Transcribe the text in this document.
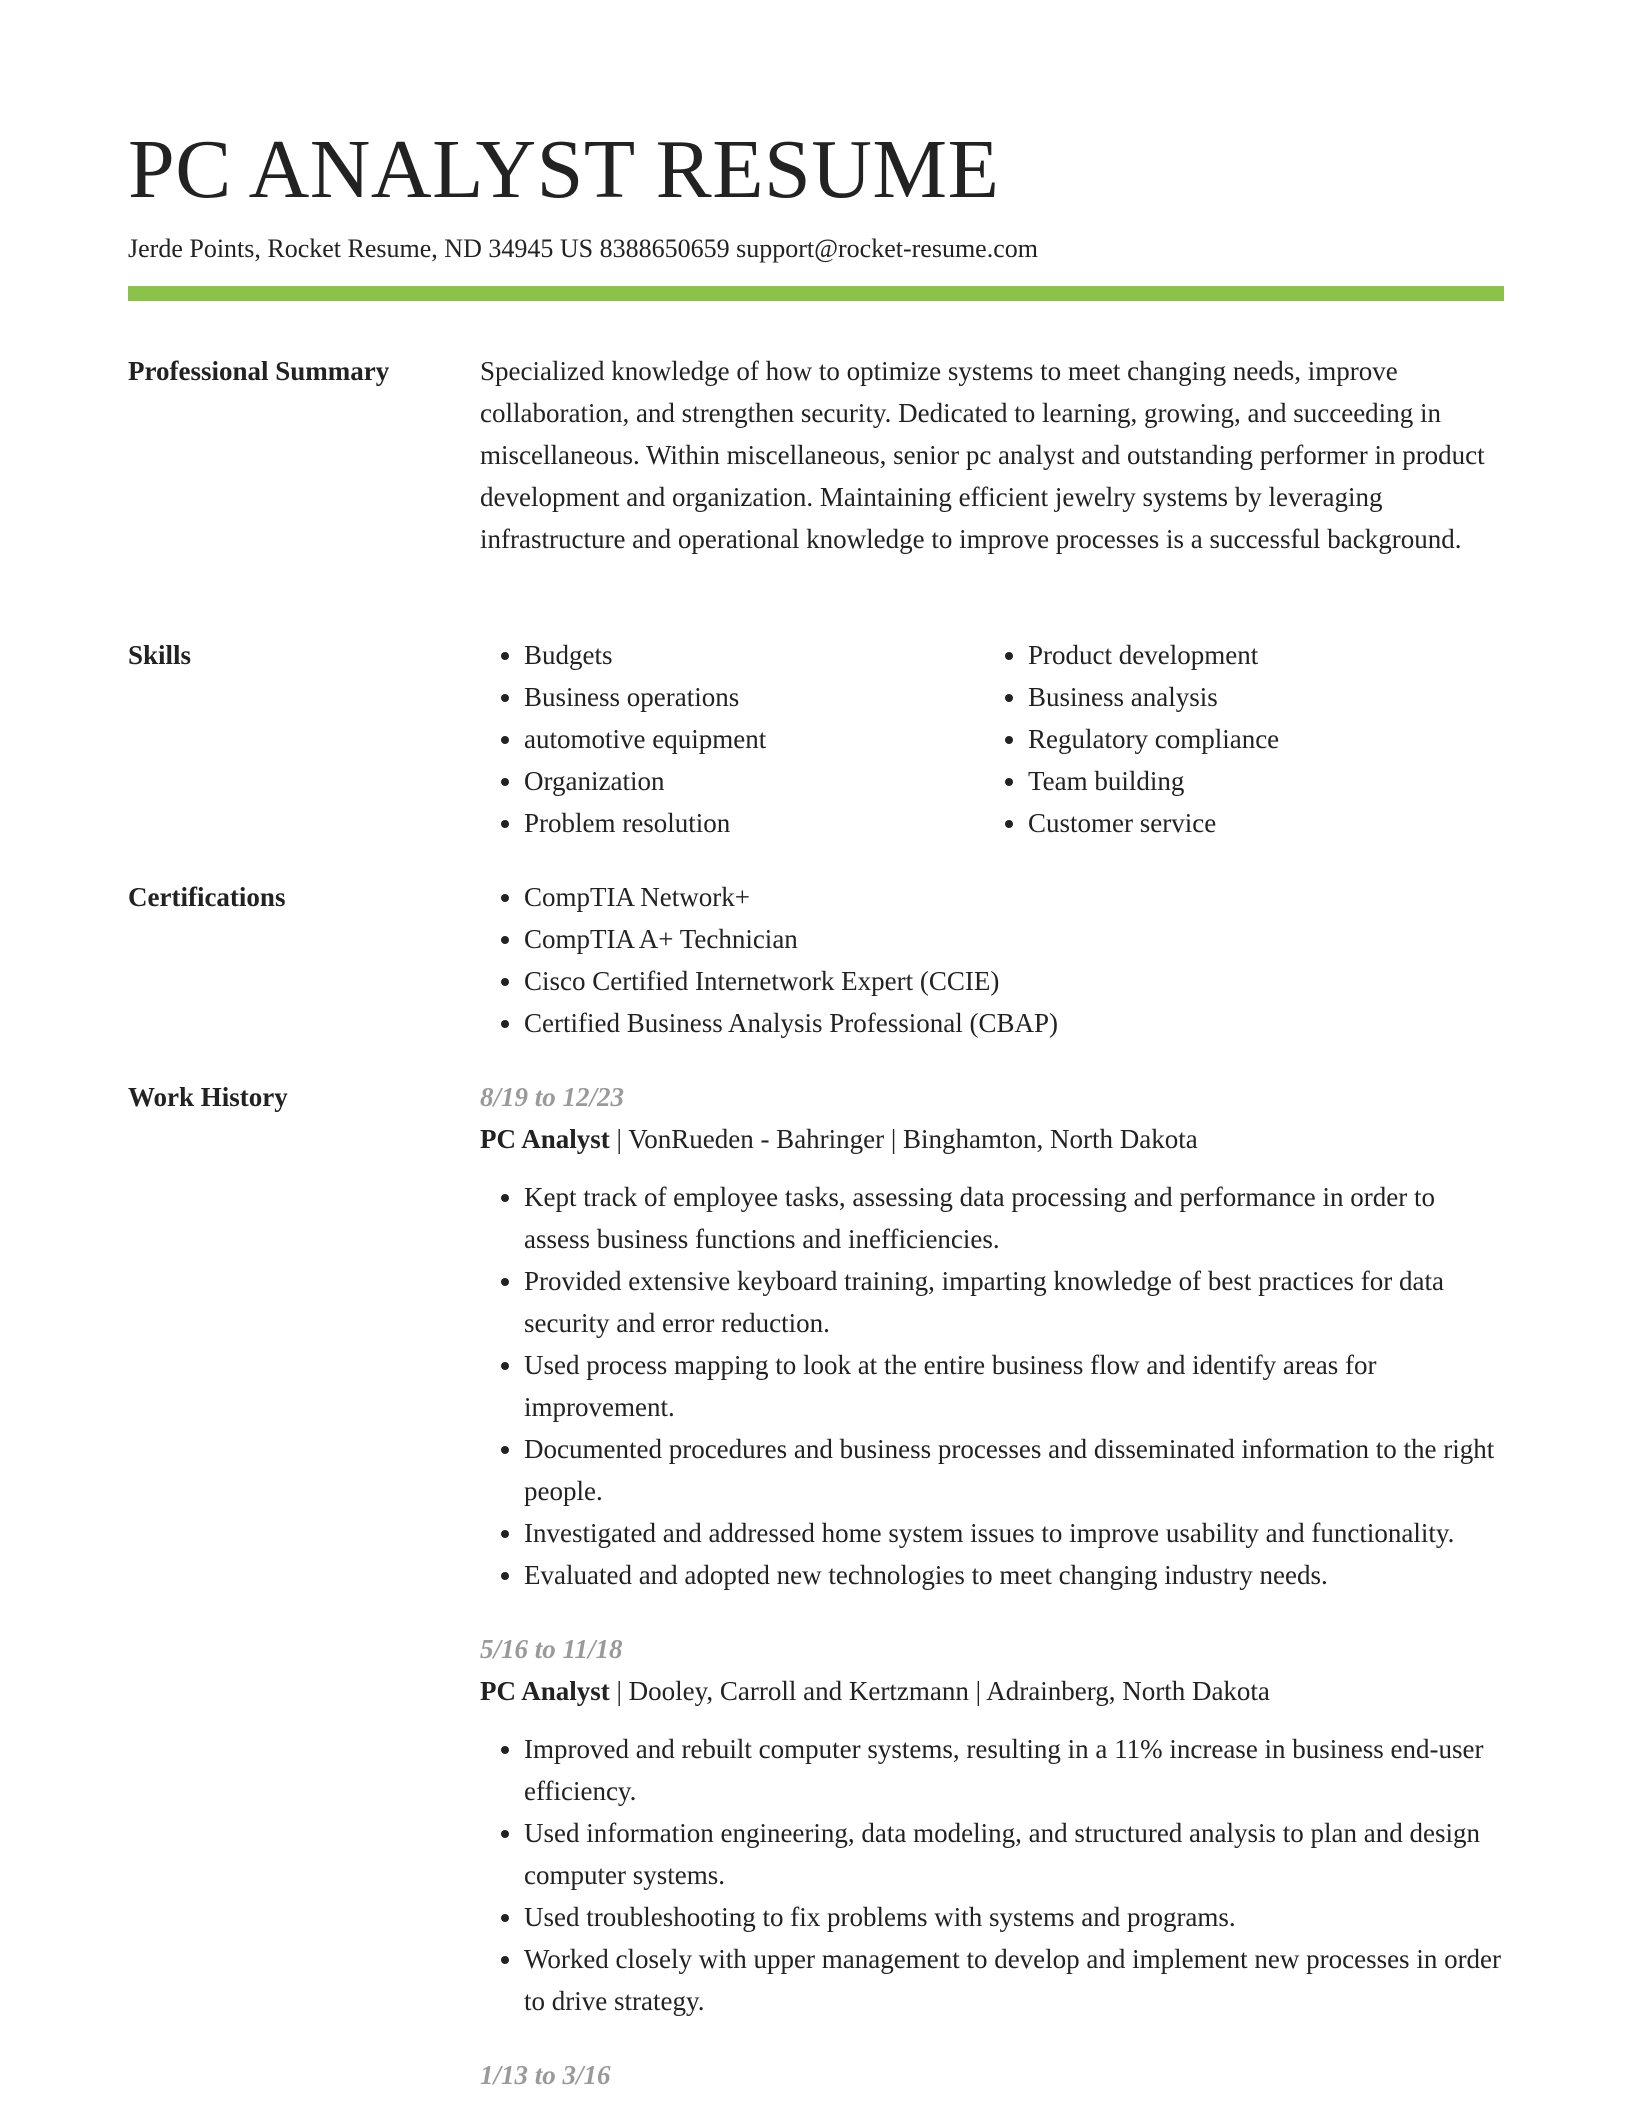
PC ANALYST RESUME
Jerde Points, Rocket Resume, ND 34945 US 8388650659 support@rocket-resume.com
Professional Summary	Specialized knowledge of how to optimize systems to meet changing needs, improve collaboration, and strengthen security. Dedicated to learning, growing, and succeeding in miscellaneous. Within miscellaneous, senior pc analyst and outstanding performer in product development and organization. Maintaining efficient jewelry systems by leveraging infrastructure and operational knowledge to improve processes is a successful background.

Skills	• Budgets
• Business operations
• automotive equipment
• Organization
• Problem resolution
• Product development
• Business analysis
• Regulatory compliance
• Team building
• Customer service
Certifications	• CompTIA Network+
• CompTIA A+ Technician
• Cisco Certified Internetwork Expert (CCIE)
• Certified Business Analysis Professional (CBAP)
Work History	8/19 to 12/23
PC Analyst | VonRueden - Bahringer | Binghamton, North Dakota
• Kept track of employee tasks, assessing data processing and performance in order to assess business functions and inefficiencies.
• Provided extensive keyboard training, imparting knowledge of best practices for data security and error reduction.
• Used process mapping to look at the entire business flow and identify areas for improvement.
• Documented procedures and business processes and disseminated information to the right people.
• Investigated and addressed home system issues to improve usability and functionality.
• Evaluated and adopted new technologies to meet changing industry needs.
5/16 to 11/18
PC Analyst | Dooley, Carroll and Kertzmann | Adrainberg, North Dakota
• Improved and rebuilt computer systems, resulting in a 11% increase in business end-user efficiency.
• Used information engineering, data modeling, and structured analysis to plan and design computer systems.
• Used troubleshooting to fix problems with systems and programs.
• Worked closely with upper management to develop and implement new processes in order to drive strategy.
1/13 to 3/16
